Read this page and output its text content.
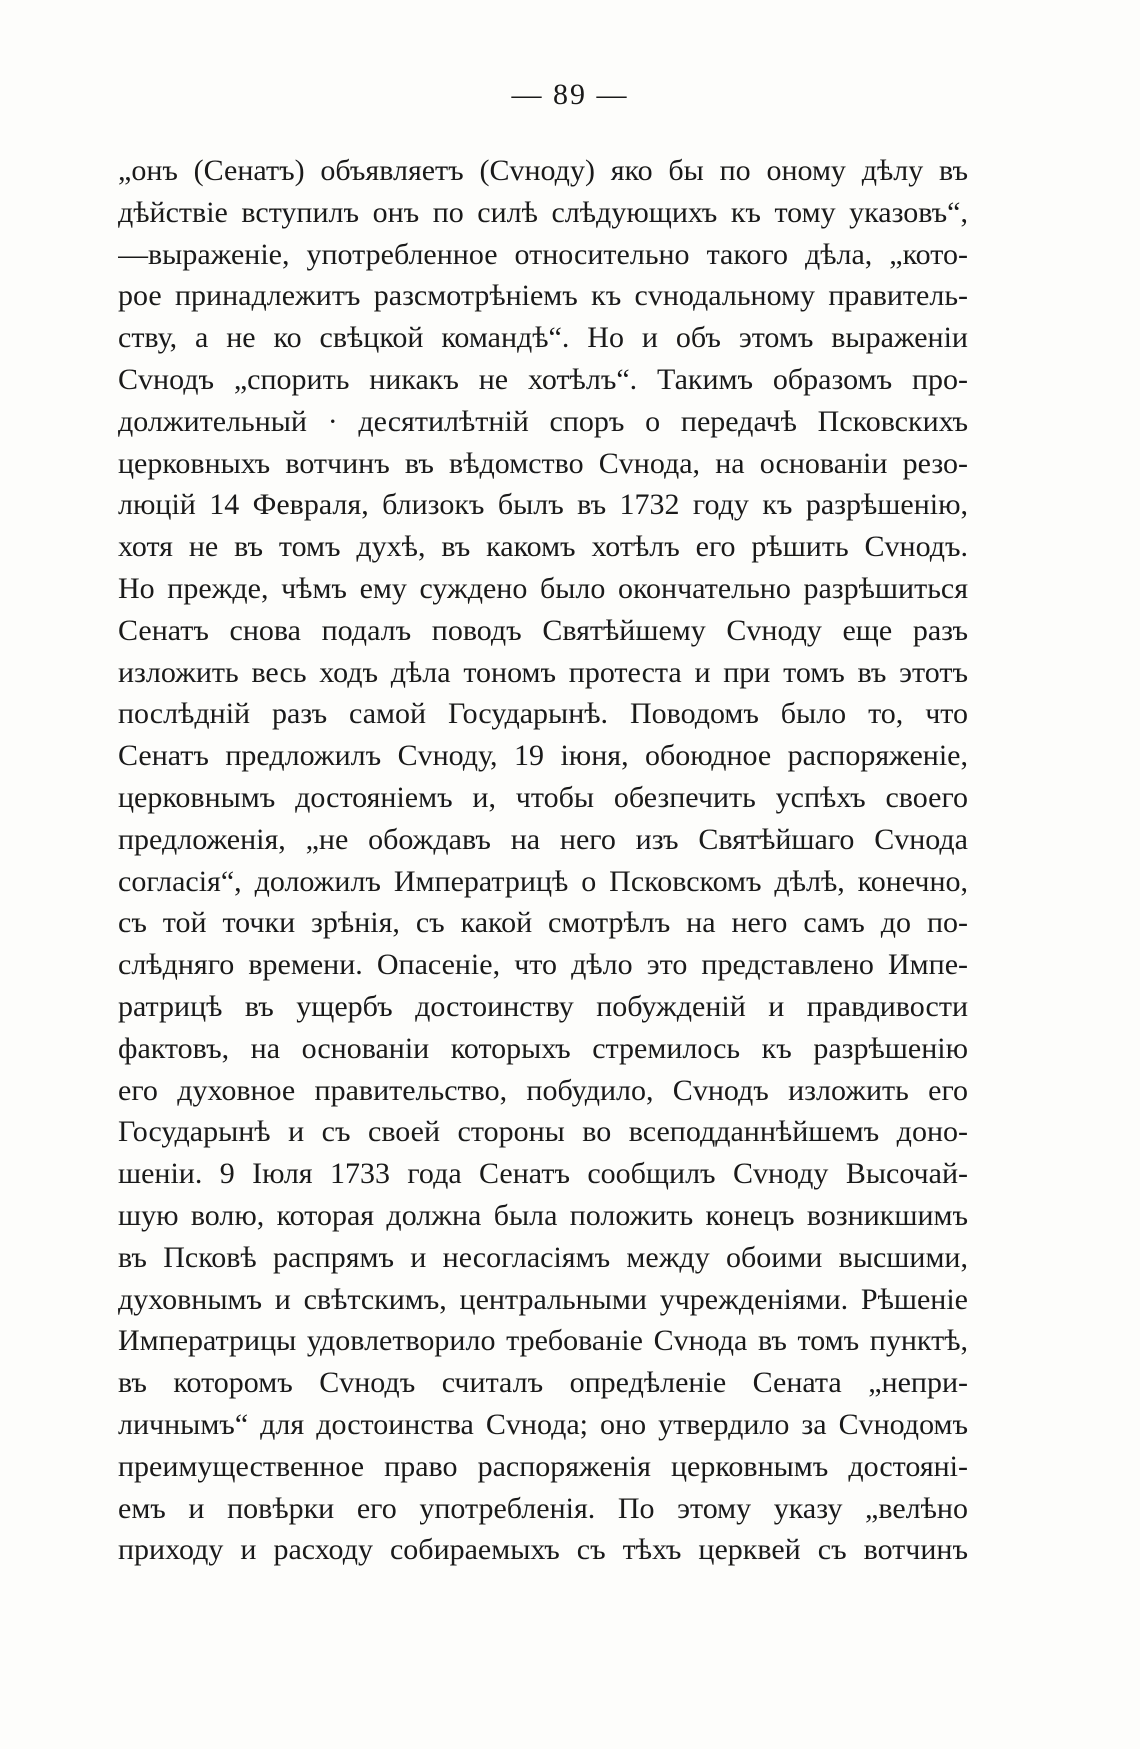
— 89 —
„онъ (Сенатъ) объявляетъ (Сvноду) яко бы по оному дѣлу въ
дѣйствіе вступилъ онъ по силѣ слѣдующихъ къ тому указовъ“,
—выраженіе, употребленное относительно такого дѣла, „кото-
рое принадлежитъ разсмотрѣніемъ къ сvнодальному правитель-
ству, а не ко свѣцкой командѣ“. Но и объ этомъ выраженіи
Сvнодъ „спорить никакъ не хотѣлъ“. Такимъ образомъ про-
должительный · десятилѣтній споръ о передачѣ Псковскихъ
церковныхъ вотчинъ въ вѣдомство Сvнода, на основаніи резо-
люцій 14 Февраля, близокъ былъ въ 1732 году къ разрѣшенію,
хотя не въ томъ духѣ, въ какомъ хотѣлъ его рѣшить Сvнодъ.
Но прежде, чѣмъ ему суждено было окончательно разрѣшиться
Сенатъ снова подалъ поводъ Святѣйшему Сvноду еще разъ
изложить весь ходъ дѣла тономъ протеста и при томъ въ этотъ
послѣдній разъ самой Государынѣ. Поводомъ было то, что
Сенатъ предложилъ Сvноду, 19 іюня, обоюдное распоряженіе,
церковнымъ достояніемъ и, чтобы обезпечить успѣхъ своего
предложенія, „не обождавъ на него изъ Святѣйшаго Сvнода
согласія“, доложилъ Императрицѣ о Псковскомъ дѣлѣ, конечно,
съ той точки зрѣнія, съ какой смотрѣлъ на него самъ до по-
слѣдняго времени. Опасеніе, что дѣло это представлено Импе-
ратрицѣ въ ущербъ достоинству побужденій и правдивости
фактовъ, на основаніи которыхъ стремилось къ разрѣшенію
его духовное правительство, побудило, Сvнодъ изложить его
Государынѣ и съ своей стороны во всеподданнѣйшемъ доно-
шеніи. 9 Іюля 1733 года Сенатъ сообщилъ Сvноду Высочай-
шую волю, которая должна была положить конецъ возникшимъ
въ Псковѣ распрямъ и несогласіямъ между обоими высшими,
духовнымъ и свѣтскимъ, центральными учрежденіями. Рѣшеніе
Императрицы удовлетворило требованіе Сvнода въ томъ пунктѣ,
въ которомъ Сvнодъ считалъ опредѣленіе Сената „непри-
личнымъ“ для достоинства Сvнода; оно утвердило за Сvнодомъ
преимущественное право распоряженія церковнымъ достояні-
емъ и повѣрки его употребленія. По этому указу „велѣно
приходу и расходу собираемыхъ съ тѣхъ церквей съ вотчинъ
